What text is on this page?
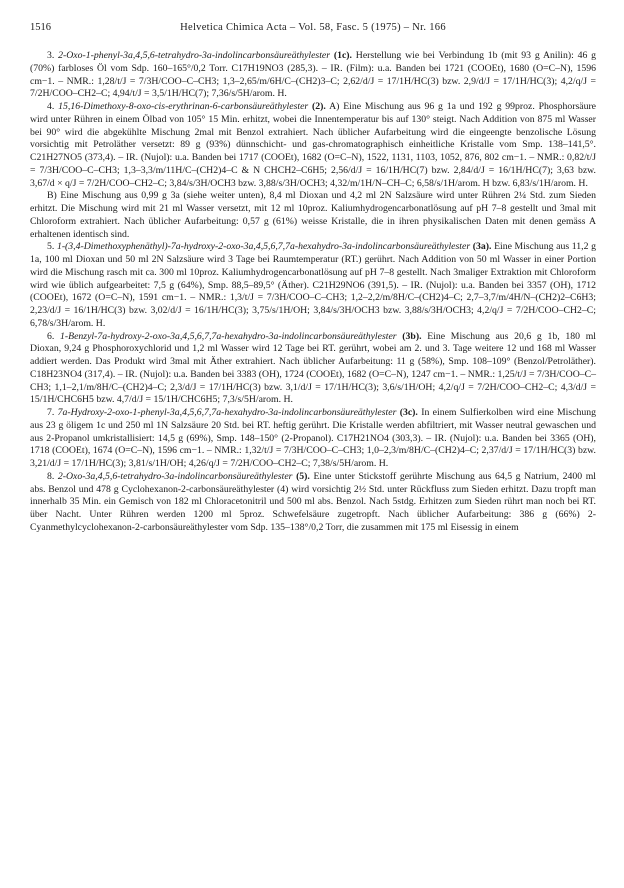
1516	Helvetica Chimica Acta – Vol. 58, Fasc. 5 (1975) – Nr. 166

3. 2-Oxo-1-phenyl-3a,4,5,6-tetrahydro-3a-indolincarbonsäureäthylester (1c). Herstellung wie bei Verbindung 1b (mit 93 g Anilin): 46 g (70%) farbloses Öl vom Sdp. 160–165°/0,2 Torr. C17H19NO3 (285,3). – IR. (Film): u.a. Banden bei 1721 (COOEt), 1680 (O=C–N), 1596 cm−1. – NMR.: 1,28/t/J = 7/3H/COO–C–CH3; 1,3–2,65/m/6H/C–(CH2)3–C; 2,62/d/J = 17/1H/HC(3) bzw. 2,9/d/J = 17/1H/HC(3); 4,2/q/J = 7/2H/COO–CH2–C; 4,94/t/J = 3,5/1H/HC(7); 7,36/s/5H/arom. H.

4. 15,16-Dimethoxy-8-oxo-cis-erythrinan-6-carbonsäureäthylester (2). A) Eine Mischung aus 96 g 1a und 192 g 99proz. Phosphorsäure wird unter Rühren in einem Ölbad von 105° 15 Min. erhitzt, wobei die Innentemperatur bis auf 130° steigt. Nach Addition von 875 ml Wasser bei 90° wird die abgekühlte Mischung 2mal mit Benzol extrahiert. Nach üblicher Aufarbeitung wird die eingeengte benzolische Lösung vorsichtig mit Petroläther versetzt: 89 g (93%) dünnschicht- und gas-chromatographisch einheitliche Kristalle vom Smp. 138–141,5°. C21H27NO5 (373,4). – IR. (Nujol): u.a. Banden bei 1717 (COOEt), 1682 (O=C–N), 1522, 1131, 1103, 1052, 876, 802 cm−1. – NMR.: 0,82/t/J = 7/3H/COO–C–CH3; 1,3–3,3/m/11H/C–(CH2)4–C & N CHCH2–C6H5; 2,56/d/J = 16/1H/HC(7) bzw. 2,84/d/J = 16/1H/HC(7); 3,63 bzw. 3,67/d × q/J = 7/2H/COO–CH2–C; 3,84/s/3H/OCH3 bzw. 3,88/s/3H/OCH3; 4,32/m/1H/N–CH–C; 6,58/s/1H/arom. H bzw. 6,83/s/1H/arom. H.

B) Eine Mischung aus 0,99 g 3a (siehe weiter unten), 8,4 ml Dioxan und 4,2 ml 2N Salzsäure wird unter Rühren 2¼ Std. zum Sieden erhitzt. Die Mischung wird mit 21 ml Wasser versetzt, mit 12 ml 10proz. Kaliumhydrogencarbonatlösung auf pH 7–8 gestellt und 3mal mit Chloroform extrahiert. Nach üblicher Aufarbeitung: 0,57 g (61%) weisse Kristalle, die in ihren physikalischen Daten mit denen gemäss A erhaltenen identisch sind.

5. 1-(3,4-Dimethoxyphenäthyl)-7a-hydroxy-2-oxo-3a,4,5,6,7,7a-hexahydro-3a-indolincarbonsäureäthylester (3a). Eine Mischung aus 11,2 g 1a, 100 ml Dioxan und 50 ml 2N Salzsäure wird 3 Tage bei Raumtemperatur (RT.) gerührt. Nach Addition von 50 ml Wasser in einer Portion wird die Mischung rasch mit ca. 300 ml 10proz. Kaliumhydrogencarbonatlösung auf pH 7–8 gestellt. Nach 3maliger Extraktion mit Chloroform wird wie üblich aufgearbeitet: 7,5 g (64%), Smp. 88,5–89,5° (Äther). C21H29NO6 (391,5). – IR. (Nujol): u.a. Banden bei 3357 (OH), 1712 (COOEt), 1672 (O=C–N), 1591 cm−1. – NMR.: 1,3/t/J = 7/3H/COO–C–CH3; 1,2–2,2/m/8H/C–(CH2)4–C; 2,7–3,7/m/4H/N–(CH2)2–C6H3; 2,23/d/J = 16/1H/HC(3) bzw. 3,02/d/J = 16/1H/HC(3); 3,75/s/1H/OH; 3,84/s/3H/OCH3 bzw. 3,88/s/3H/OCH3; 4,2/q/J = 7/2H/COO–CH2–C; 6,78/s/3H/arom. H.

6. 1-Benzyl-7a-hydroxy-2-oxo-3a,4,5,6,7,7a-hexahydro-3a-indolincarbonsäureäthylester (3b). Eine Mischung aus 20,6 g 1b, 180 ml Dioxan, 9,24 g Phosphoroxychlorid und 1,2 ml Wasser wird 12 Tage bei RT. gerührt, wobei am 2. und 3. Tage weitere 12 und 168 ml Wasser addiert werden. Das Produkt wird 3mal mit Äther extrahiert. Nach üblicher Aufarbeitung: 11 g (58%), Smp. 108–109° (Benzol/Petroläther). C18H23NO4 (317,4). – IR. (Nujol): u.a. Banden bei 3383 (OH), 1724 (COOEt), 1682 (O=C–N), 1247 cm−1. – NMR.: 1,25/t/J = 7/3H/COO–C–CH3; 1,1–2,1/m/8H/C–(CH2)4–C; 2,3/d/J = 17/1H/HC(3) bzw. 3,1/d/J = 17/1H/HC(3); 3,6/s/1H/OH; 4,2/q/J = 7/2H/COO–CH2–C; 4,3/d/J = 15/1H/CHC6H5 bzw. 4,7/d/J = 15/1H/CHC6H5; 7,3/s/5H/arom. H.

7. 7a-Hydroxy-2-oxo-1-phenyl-3a,4,5,6,7,7a-hexahydro-3a-indolincarbonsäureäthylester (3c). In einem Sulfierkolben wird eine Mischung aus 23 g öligem 1c und 250 ml 1N Salzsäure 20 Std. bei RT. heftig gerührt. Die Kristalle werden abfiltriert, mit Wasser neutral gewaschen und aus 2-Propanol umkristallisiert: 14,5 g (69%), Smp. 148–150° (2-Propanol). C17H21NO4 (303,3). – IR. (Nujol): u.a. Banden bei 3365 (OH), 1718 (COOEt), 1674 (O=C–N), 1596 cm−1. – NMR.: 1,32/t/J = 7/3H/COO–C–CH3; 1,0–2,3/m/8H/C–(CH2)4–C; 2,37/d/J = 17/1H/HC(3) bzw. 3,21/d/J = 17/1H/HC(3); 3,81/s/1H/OH; 4,26/q/J = 7/2H/COO–CH2–C; 7,38/s/5H/arom. H.

8. 2-Oxo-3a,4,5,6-tetrahydro-3a-indolincarbonsäureäthylester (5). Eine unter Stickstoff gerührte Mischung aus 64,5 g Natrium, 2400 ml abs. Benzol und 478 g Cyclohexanon-2-carbonsäureäthylester (4) wird vorsichtig 2½ Std. unter Rückfluss zum Sieden erhitzt. Dazu tropft man innerhalb 35 Min. ein Gemisch von 182 ml Chloracetonitril und 500 ml abs. Benzol. Nach 5stdg. Erhitzen zum Sieden rührt man noch bei RT. über Nacht. Unter Rühren werden 1200 ml 5proz. Schwefelsäure zugetropft. Nach üblicher Aufarbeitung: 386 g (66%) 2-Cyanmethylcyclohexanon-2-carbonsäureäthylester vom Sdp. 135–138°/0,2 Torr, die zusammen mit 175 ml Eisessig in einem
